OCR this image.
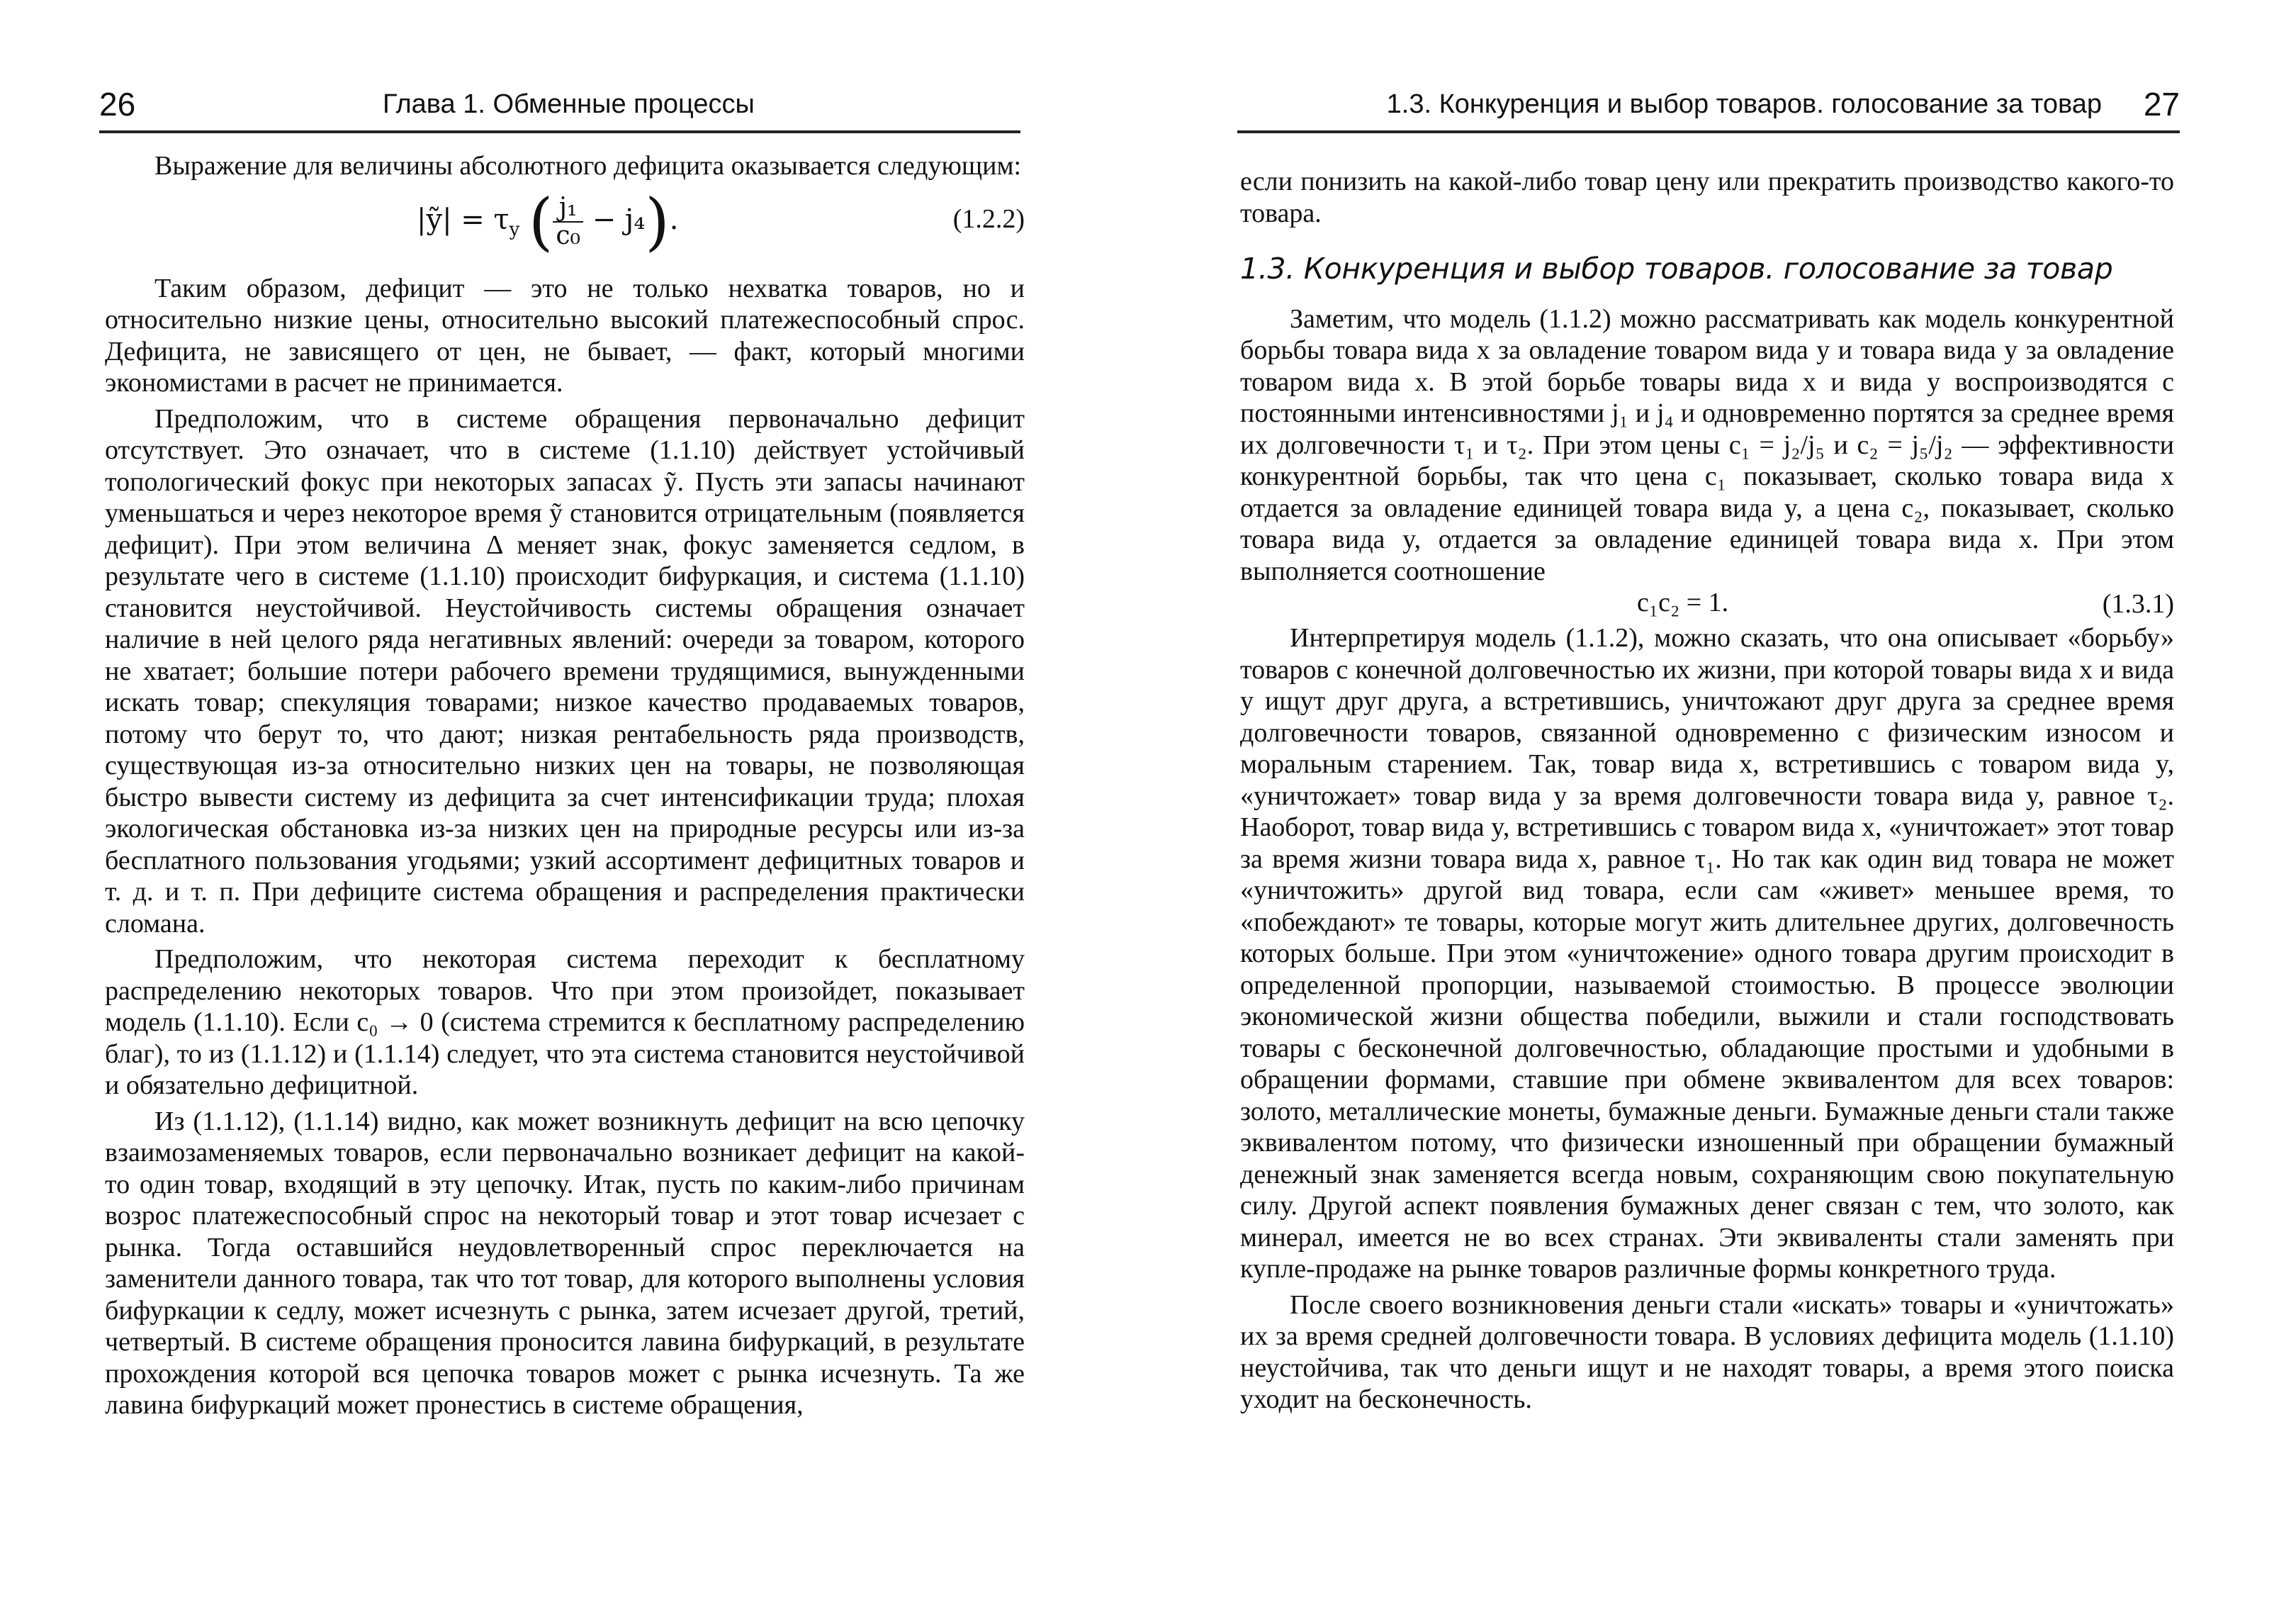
26	Глава 1. Обменные процессы

Выражение для величины абсолютного дефицита оказывается следующим:

|ỹ| = $\tau_y$ ( $\frac{\text{j₁}}{\text{c₀}} - j_4$).	(1.2.2)

Таким образом, дефицит — это не только нехватка товаров, но и относительно низкие цены, относительно высокий платежеспособный спрос. Дефицита, не зависящего от цен, не бывает, — факт, который многими экономистами в расчет не принимается.

Предположим, что в системе обращения первоначально дефицит отсутствует. Это означает, что в системе (1.1.10) действует устойчивый топологический фокус при некоторых запасах ỹ. Пусть эти запасы начинают уменьшаться и через некоторое время ỹ становится отрицательным (появляется дефицит). При этом величина Δ меняет знак, фокус заменяется седлом, в результате чего в системе (1.1.10) происходит бифуркация, и система (1.1.10) становится неустойчивой. Неустойчивость системы обращения означает наличие в ней целого ряда негативных явлений: очереди за товаром, которого не хватает; большие потери рабочего времени трудящимися, вынужденными искать товар; спекуляция товарами; низкое качество продаваемых товаров, потому что берут то, что дают; низкая рентабельность ряда производств, существующая из-за относительно низких цен на товары, не позволяющая быстро вывести систему из дефицита за счет интенсификации труда; плохая экологическая обстановка из-за низких цен на природные ресурсы или из-за бесплатного пользования угодьями; узкий ассортимент дефицитных товаров и т. д. и т. п. При дефиците система обращения и распределения практически сломана.

Предположим, что некоторая система переходит к бесплатному распределению некоторых товаров. Что при этом произойдет, показывает модель (1.1.10). Если c₀ → 0 (система стремится к бесплатному распределению благ), то из (1.1.12) и (1.1.14) следует, что эта система становится неустойчивой и обязательно дефицитной.

Из (1.1.12), (1.1.14) видно, как может возникнуть дефицит на всю цепочку взаимозаменяемых товаров, если первоначально возникает дефицит на какой-то один товар, входящий в эту цепочку. Итак, пусть по каким-либо причинам возрос платежеспособный спрос на некоторый товар и этот товар исчезает с рынка. Тогда оставшийся неудовлетворенный спрос переключается на заменители данного товара, так что тот товар, для которого выполнены условия бифуркации к седлу, может исчезнуть с рынка, затем исчезает другой, третий, четвертый. В системе обращения проносится лавина бифуркаций, в результате прохождения которой вся цепочка товаров может с рынка исчезнуть. Та же лавина бифуркаций может пронестись в системе обращения,

1.3. Конкуренция и выбор товаров. голосование за товар 27

если понизить на какой-либо товар цену или прекратить производство какого-то товара.

1.3. Конкуренция и выбор товаров. голосование за товар

Заметим, что модель (1.1.2) можно рассматривать как модель конкурентной борьбы товара вида x за овладение товаром вида y и товара вида y за овладение товаром вида x. В этой борьбе товары вида x и вида y воспроизводятся с постоянными интенсивностями j₁ и j₄ и одновременно портятся за среднее время их долговечности τ₁ и τ₂. При этом цены c₁ = j₂/j₅ и c₂ = j₅/j₂ — эффективности конкурентной борьбы, так что цена c₁ показывает, сколько товара вида x отдается за овладение единицей товара вида y, а цена c₂, показывает, сколько товара вида y, отдается за овладение единицей товара вида x. При этом выполняется соотношение

c₁c₂ = 1.	(1.3.1)

Интерпретируя модель (1.1.2), можно сказать, что она описывает «борьбу» товаров с конечной долговечностью их жизни, при которой товары вида x и вида y ищут друг друга, а встретившись, уничтожают друг друга за среднее время долговечности товаров, связанной одновременно с физическим износом и моральным старением. Так, товар вида x, встретившись с товаром вида y, «уничтожает» товар вида y за время долговечности товара вида y, равное τ₂. Наоборот, товар вида y, встретившись с товаром вида x, «уничтожает» этот товар за время жизни товара вида x, равное τ₁. Но так как один вид товара не может «уничтожить» другой вид товара, если сам «живет» меньшее время, то «побеждают» те товары, которые могут жить длительнее других, долговечность которых больше. При этом «уничтожение» одного товара другим происходит в определенной пропорции, называемой стоимостью. В процессе эволюции экономической жизни общества победили, выжили и стали господствовать товары с бесконечной долговечностью, обладающие простыми и удобными в обращении формами, ставшие при обмене эквивалентом для всех товаров: золото, металлические монеты, бумажные деньги. Бумажные деньги стали также эквивалентом потому, что физически изношенный при обращении бумажный денежный знак заменяется всегда новым, сохраняющим свою покупательную силу. Другой аспект появления бумажных денег связан с тем, что золото, как минерал, имеется не во всех странах. Эти эквиваленты стали заменять при купле-продаже на рынке товаров различные формы конкретного труда.

После своего возникновения деньги стали «искать» товары и «уничтожать» их за время средней долговечности товара. В условиях дефицита модель (1.1.10) неустойчива, так что деньги ищут и не находят товары, а время этого поиска уходит на бесконечность.
